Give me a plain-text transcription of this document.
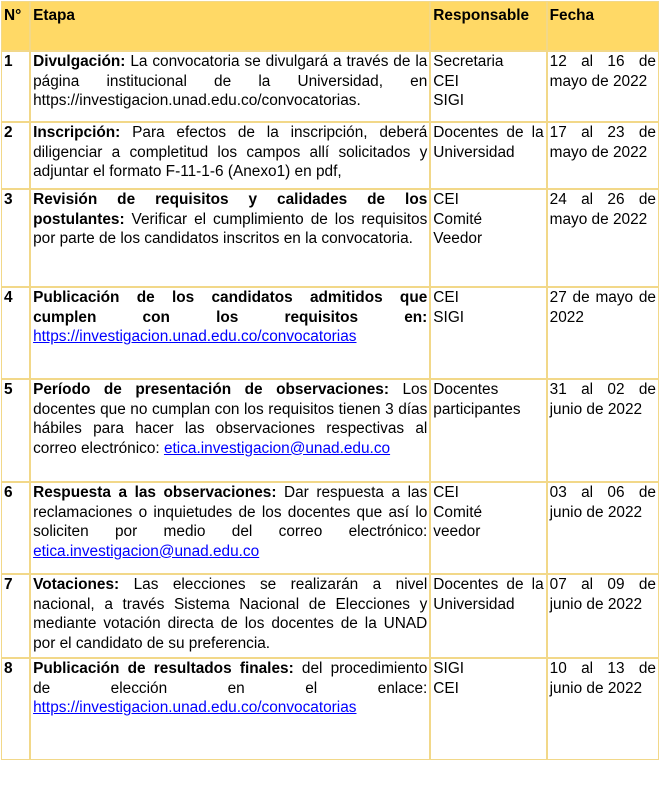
N°	Etapa	Responsable	Fecha
1	Divulgación: La convocatoria se divulgará a través de la página institucional de la Universidad, en https://investigacion.unad.edu.co/convocatorias.	Secretaria
CEI
SIGI	12 al 16 de mayo de 2022
2	Inscripción: Para efectos de la inscripción, deberá diligenciar a completitud los campos allí solicitados y adjuntar el formato F-11-1-6 (Anexo1) en pdf,	Docentes de la Universidad	17 al 23 de mayo de 2022
3	Revisión de requisitos y calidades de los postulantes: Verificar el cumplimiento de los requisitos por parte de los candidatos inscritos en la convocatoria.	CEI
Comité
Veedor	24 al 26 de mayo de 2022
4	Publicación de los candidatos admitidos que cumplen con los requisitos en: https://investigacion.unad.edu.co/convocatorias	CEI
SIGI	27 de mayo de 2022
5	Período de presentación de observaciones: Los docentes que no cumplan con los requisitos tienen 3 días hábiles para hacer las observaciones respectivas al correo electrónico: etica.investigacion@unad.edu.co	Docentes participantes	31 al 02 de junio de 2022
6	Respuesta a las observaciones: Dar respuesta a las reclamaciones o inquietudes de los docentes que así lo soliciten por medio del correo electrónico: etica.investigacion@unad.edu.co	CEI
Comité
veedor	03 al 06 de junio de 2022
7	Votaciones: Las elecciones se realizarán a nivel nacional, a través Sistema Nacional de Elecciones y mediante votación directa de los docentes de la UNAD por el candidato de su preferencia.	Docentes de la Universidad	07 al 09 de junio de 2022
8	Publicación de resultados finales: del procedimiento de elección en el enlace: https://investigacion.unad.edu.co/convocatorias	SIGI
CEI	10 al 13 de junio de 2022
